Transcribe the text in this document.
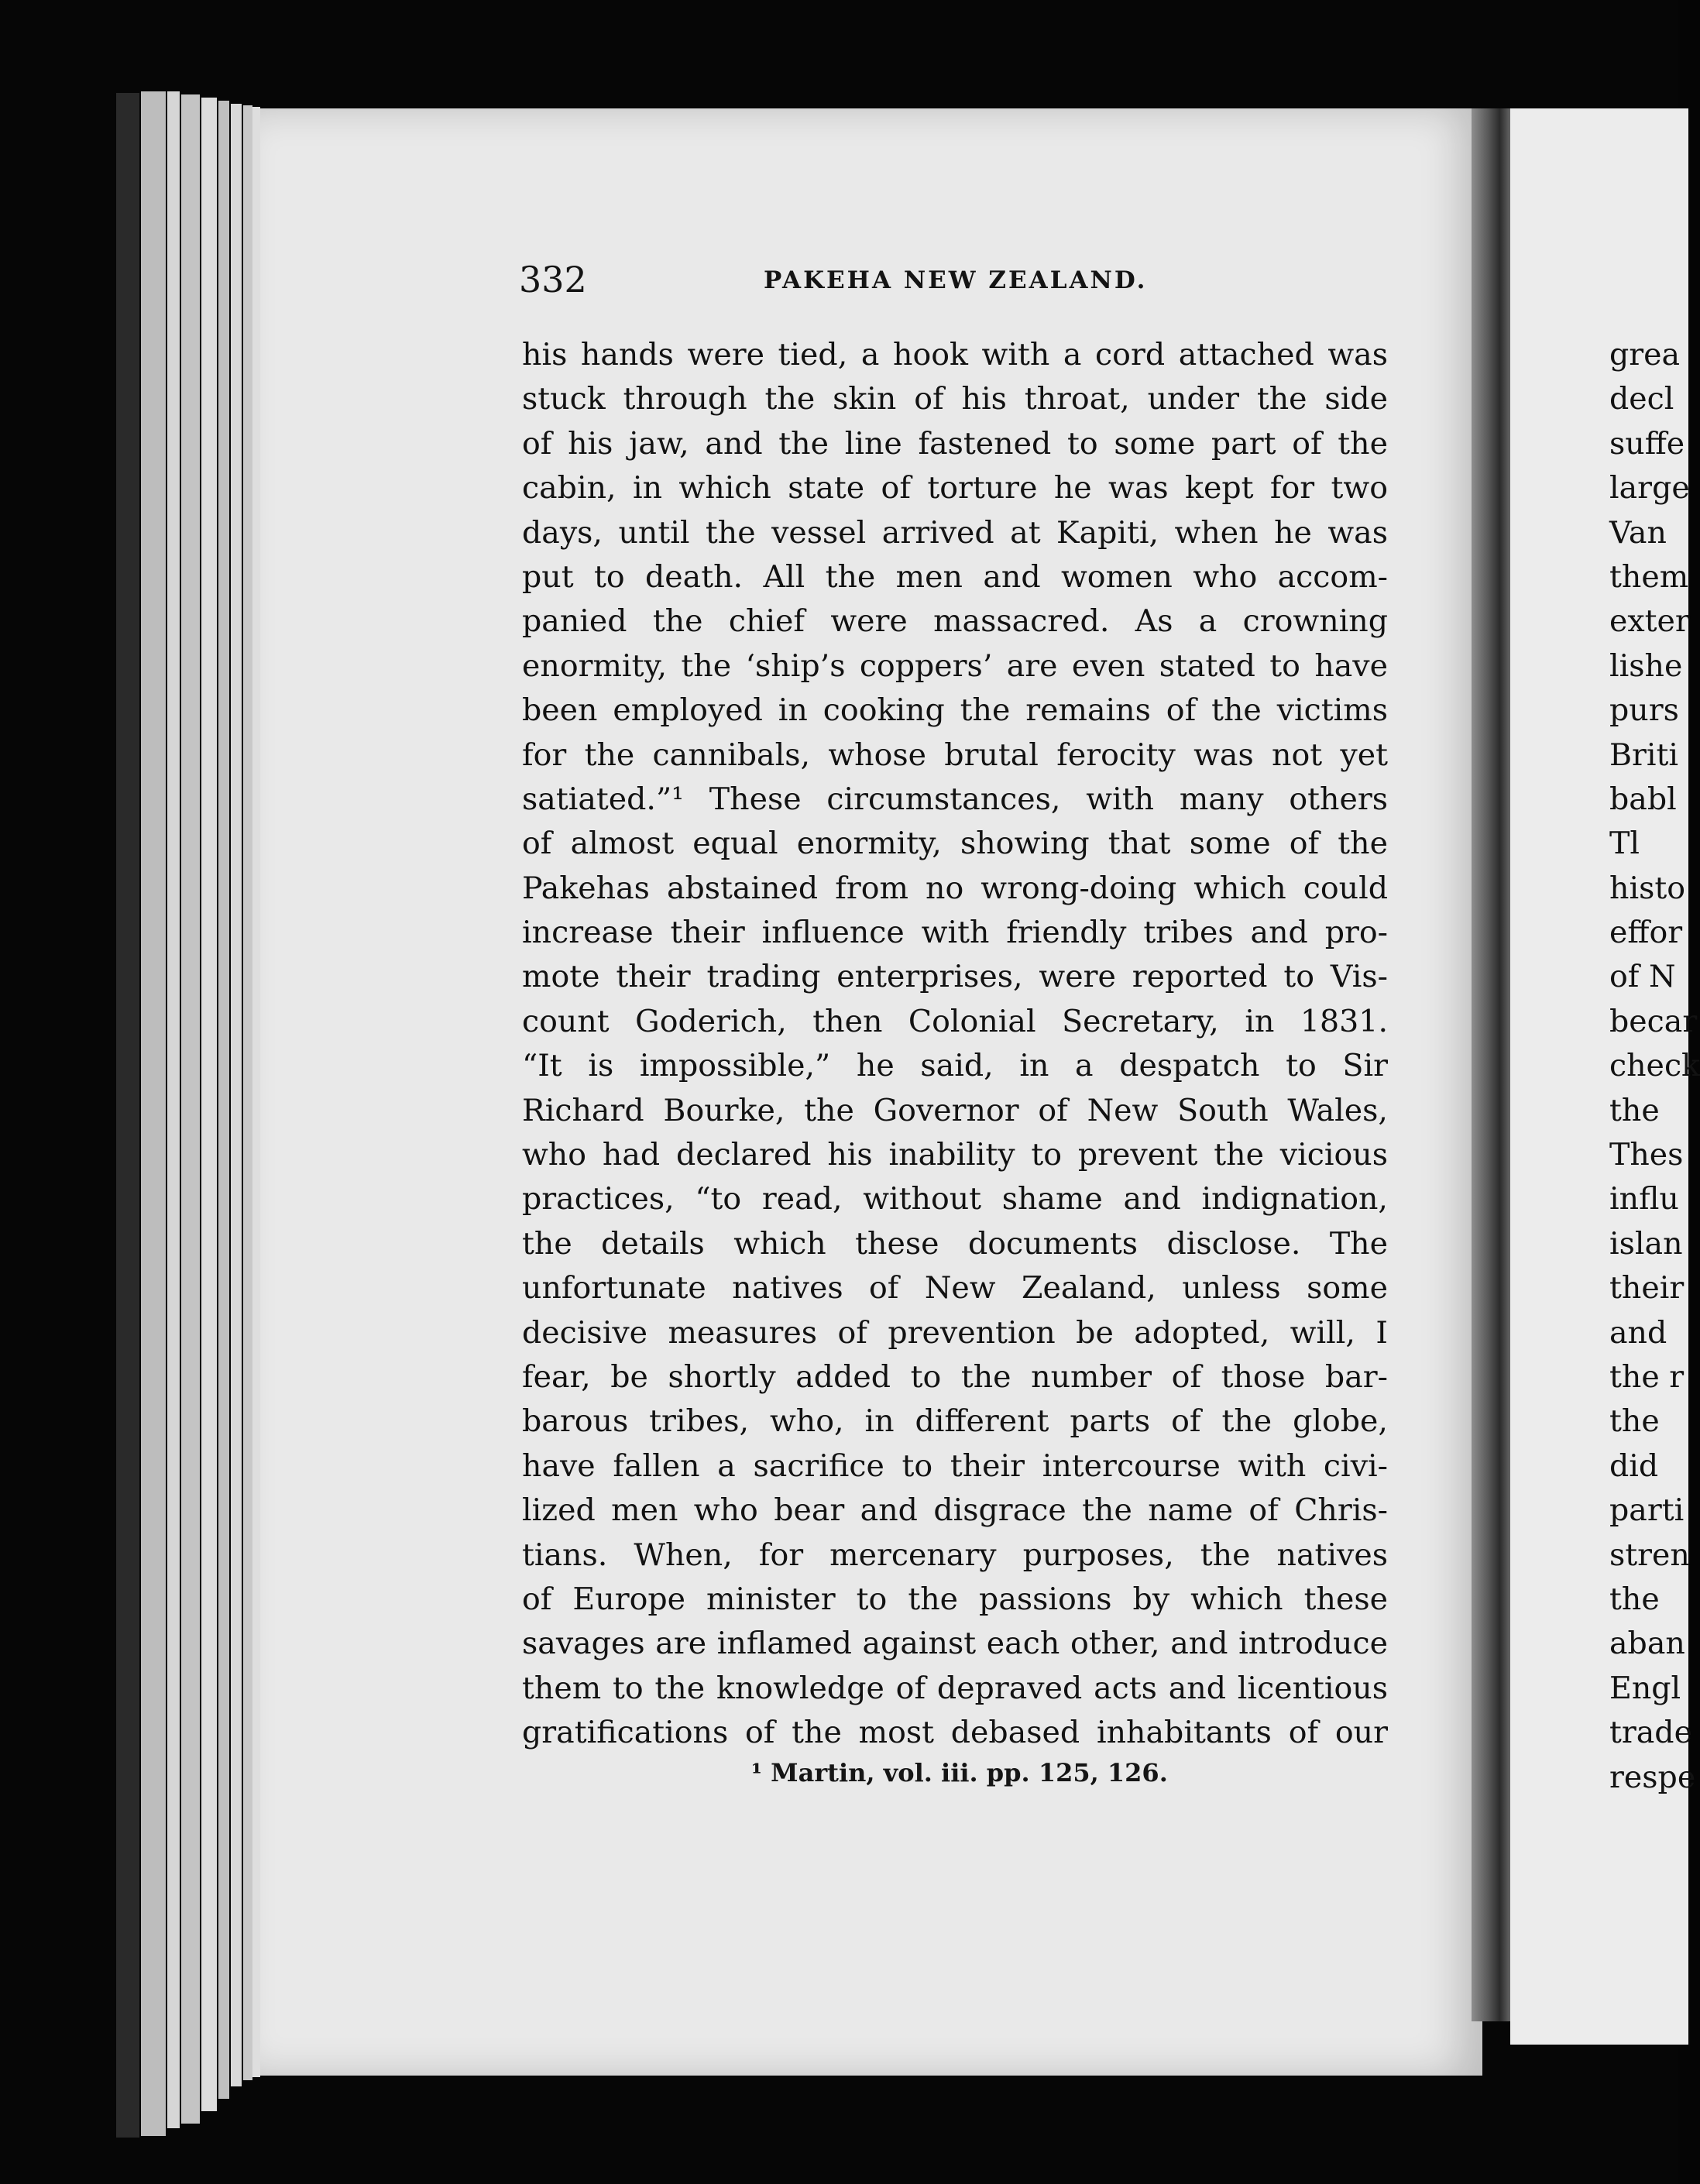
332	PAKEHA NEW ZEALAND.
his hands were tied, a hook with a cord attached was
stuck through the skin of his throat, under the side
of his jaw, and the line fastened to some part of the
cabin, in which state of torture he was kept for two
days, until the vessel arrived at Kapiti, when he was
put to death. All the men and women who accom-
panied the chief were massacred. As a crowning
enormity, the ‘ship’s coppers’ are even stated to have
been employed in cooking the remains of the victims
for the cannibals, whose brutal ferocity was not yet
satiated.”¹ These circumstances, with many others
of almost equal enormity, showing that some of the
Pakehas abstained from no wrong-doing which could
increase their influence with friendly tribes and pro-
mote their trading enterprises, were reported to Vis-
count Goderich, then Colonial Secretary, in 1831.
“It is impossible,” he said, in a despatch to Sir
Richard Bourke, the Governor of New South Wales,
who had declared his inability to prevent the vicious
practices, “to read, without shame and indignation,
the details which these documents disclose. The
unfortunate natives of New Zealand, unless some
decisive measures of prevention be adopted, will, I
fear, be shortly added to the number of those bar-
barous tribes, who, in different parts of the globe,
have fallen a sacrifice to their intercourse with civi-
lized men who bear and disgrace the name of Chris-
tians. When, for mercenary purposes, the natives
of Europe minister to the passions by which these
savages are inflamed against each other, and introduce
them to the knowledge of depraved acts and licentious
gratifications of the most debased inhabitants of our
¹ Martin, vol. iii. pp. 125, 126.
grea
decl
suffe
large
Van
them
exter
lishe
purs
Briti
babl
Tl
histo
effor
of N
becar
check
the
Thes
influ
islan
their
and
the r
the
did
parti
stren
the
aban
Engl
trade
respe
